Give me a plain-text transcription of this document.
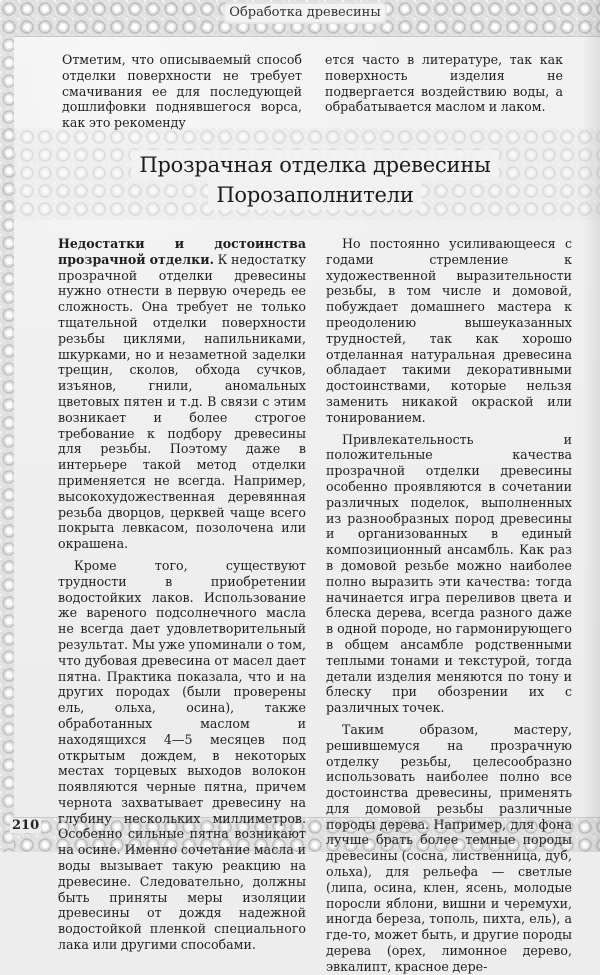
Обработка древесины

Отметим, что описываемый способ отделки поверхности не требует смачивания ее для последующей дошлифовки поднявшегося ворса, как это рекоменду

ется часто в литературе, так как поверхность изделия не подвергается воздействию воды, а обрабатывается маслом и лаком.

Прозрачная отделка древесины
Порозаполнители

Недостатки и достоинства прозрачной отделки. К недостатку прозрачной отделки древесины нужно отнести в первую очередь ее сложность. Она требует не только тщательной отделки поверхности резьбы циклями, напильниками, шкурками, но и незаметной заделки трещин, сколов, обхода сучков, изъянов, гнили, аномальных цветовых пятен и т.д. В связи с этим возникает и более строгое требование к подбору древесины для резьбы. Поэтому даже в интерьере такой метод отделки применяется не всегда. Например, высокохудожественная деревянная резьба дворцов, церквей чаще всего покрыта левкасом, позолочена или окрашена.

Кроме того, существуют трудности в приобретении водостойких лаков. Использование же вареного подсолнечного масла не всегда дает удовлетворительный результат. Мы уже упоминали о том, что дубовая древесина от масел дает пятна. Практика показала, что и на других породах (были проверены ель, ольха, осина), также обработанных маслом и находящихся 4—5 месяцев под открытым дождем, в некоторых местах торцевых выходов волокон появляются черные пятна, причем чернота захватывает древесину на глубину нескольких миллиметров. Особенно сильные пятна возникают на осине. Именно сочетание масла и воды вызывает такую реакцию на древесине. Следовательно, должны быть приняты меры изоляции древесины от дождя надежной водостойкой пленкой специального лака или другими способами.

Но постоянно усиливающееся с годами стремление к художественной выразительности резьбы, в том числе и домовой, побуждает домашнего мастера к преодолению вышеуказанных трудностей, так как хорошо отделанная натуральная древесина обладает такими декоративными достоинствами, которые нельзя заменить никакой окраской или тонированием.

Привлекательность и положительные качества прозрачной отделки древесины особенно проявляются в сочетании различных поделок, выполненных из разнообразных пород древесины и организованных в единый композиционный ансамбль. Как раз в домовой резьбе можно наиболее полно выразить эти качества: тогда начинается игра переливов цвета и блеска дерева, всегда разного даже в одной породе, но гармонирующего в общем ансамбле родственными теплыми тонами и текстурой, тогда детали изделия меняются по тону и блеску при обозрении их с различных точек.

Таким образом, мастеру, решившемуся на прозрачную отделку резьбы, целесообразно использовать наиболее полно все достоинства древесины, применять для домовой резьбы различные породы дерева. Например, для фона лучше брать более темные породы древесины (сосна, лиственница, дуб, ольха), для рельефа — светлые (липа, осина, клен, ясень, молодые поросли яблони, вишни и черемухи, иногда береза, тополь, пихта, ель), а где-то, может быть, и другие породы дерева (орех, лимонное дерево, эвкалипт, красное дере-

210
